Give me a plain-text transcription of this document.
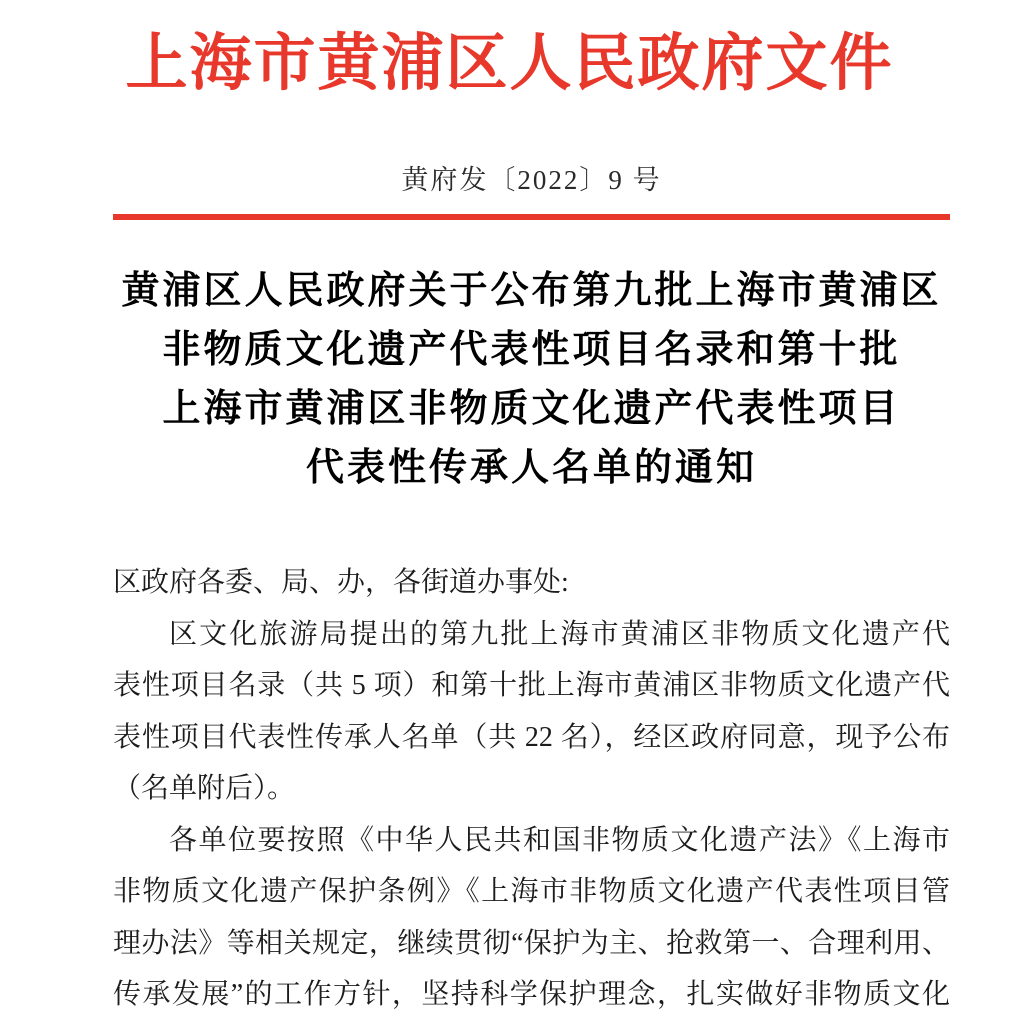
上海市黄浦区人民政府文件
黄府发〔2022〕9 号
黄浦区人民政府关于公布第九批上海市黄浦区
非物质文化遗产代表性项目名录和第十批
上海市黄浦区非物质文化遗产代表性项目
代表性传承人名单的通知
区政府各委、局、办，各街道办事处:
区文化旅游局提出的第九批上海市黄浦区非物质文化遗产代
表性项目名录（共 5 项）和第十批上海市黄浦区非物质文化遗产代
表性项目代表性传承人名单（共 22 名），经区政府同意，现予公布
（名单附后）。
各单位要按照《中华人民共和国非物质文化遗产法》《上海市
非物质文化遗产保护条例》《上海市非物质文化遗产代表性项目管
理办法》等相关规定，继续贯彻“保护为主、抢救第一、合理利用、
传承发展”的工作方针，坚持科学保护理念，扎实做好非物质文化
